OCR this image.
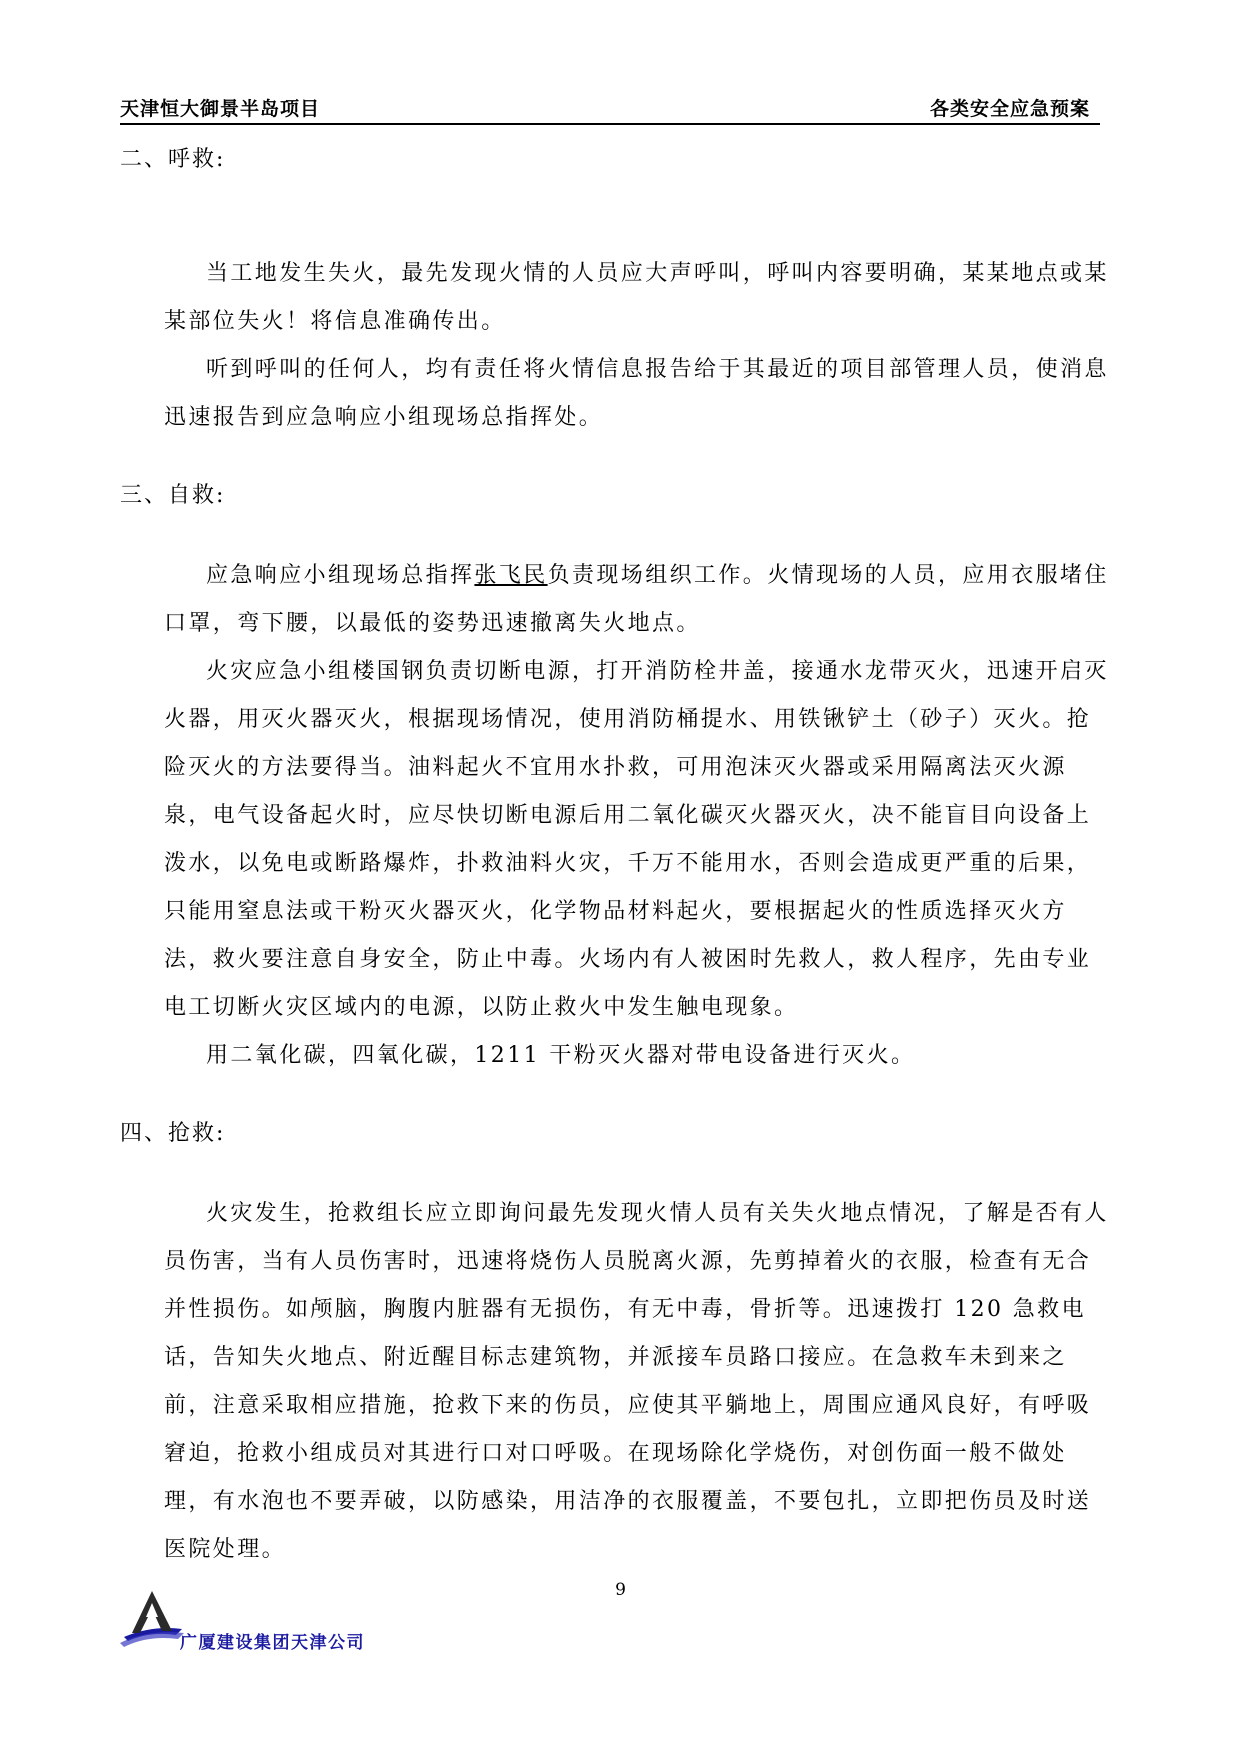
天津恒大御景半岛项目	各类安全应急预案

二、呼救:

当工地发生失火，最先发现火情的人员应大声呼叫，呼叫内容要明确，某某地点或某某部位失火！将信息准确传出。

听到呼叫的任何人，均有责任将火情信息报告给于其最近的项目部管理人员，使消息迅速报告到应急响应小组现场总指挥处。

三、自救:

应急响应小组现场总指挥张飞民负责现场组织工作。火情现场的人员，应用衣服堵住口罩，弯下腰，以最低的姿势迅速撤离失火地点。

火灾应急小组楼国钢负责切断电源，打开消防栓井盖，接通水龙带灭火，迅速开启灭火器，用灭火器灭火，根据现场情况，使用消防桶提水、用铁锹铲土（砂子）灭火。抢险灭火的方法要得当。油料起火不宜用水扑救，可用泡沫灭火器或采用隔离法灭火源泉，电气设备起火时，应尽快切断电源后用二氧化碳灭火器灭火，决不能盲目向设备上泼水，以免电或断路爆炸，扑救油料火灾，千万不能用水，否则会造成更严重的后果，只能用窒息法或干粉灭火器灭火，化学物品材料起火，要根据起火的性质选择灭火方法，救火要注意自身安全，防止中毒。火场内有人被困时先救人，救人程序，先由专业电工切断火灾区域内的电源，以防止救火中发生触电现象。

用二氧化碳，四氧化碳，1211 干粉灭火器对带电设备进行灭火。

四、抢救:

火灾发生，抢救组长应立即询问最先发现火情人员有关失火地点情况，了解是否有人员伤害，当有人员伤害时，迅速将烧伤人员脱离火源，先剪掉着火的衣服，检查有无合并性损伤。如颅脑，胸腹内脏器有无损伤，有无中毒，骨折等。迅速拨打 120 急救电话，告知失火地点、附近醒目标志建筑物，并派接车员路口接应。在急救车未到来之前，注意采取相应措施，抢救下来的伤员，应使其平躺地上，周围应通风良好，有呼吸窘迫，抢救小组成员对其进行口对口呼吸。在现场除化学烧伤，对创伤面一般不做处理，有水泡也不要弄破，以防感染，用洁净的衣服覆盖，不要包扎，立即把伤员及时送医院处理。

9
广厦建设集团天津公司
